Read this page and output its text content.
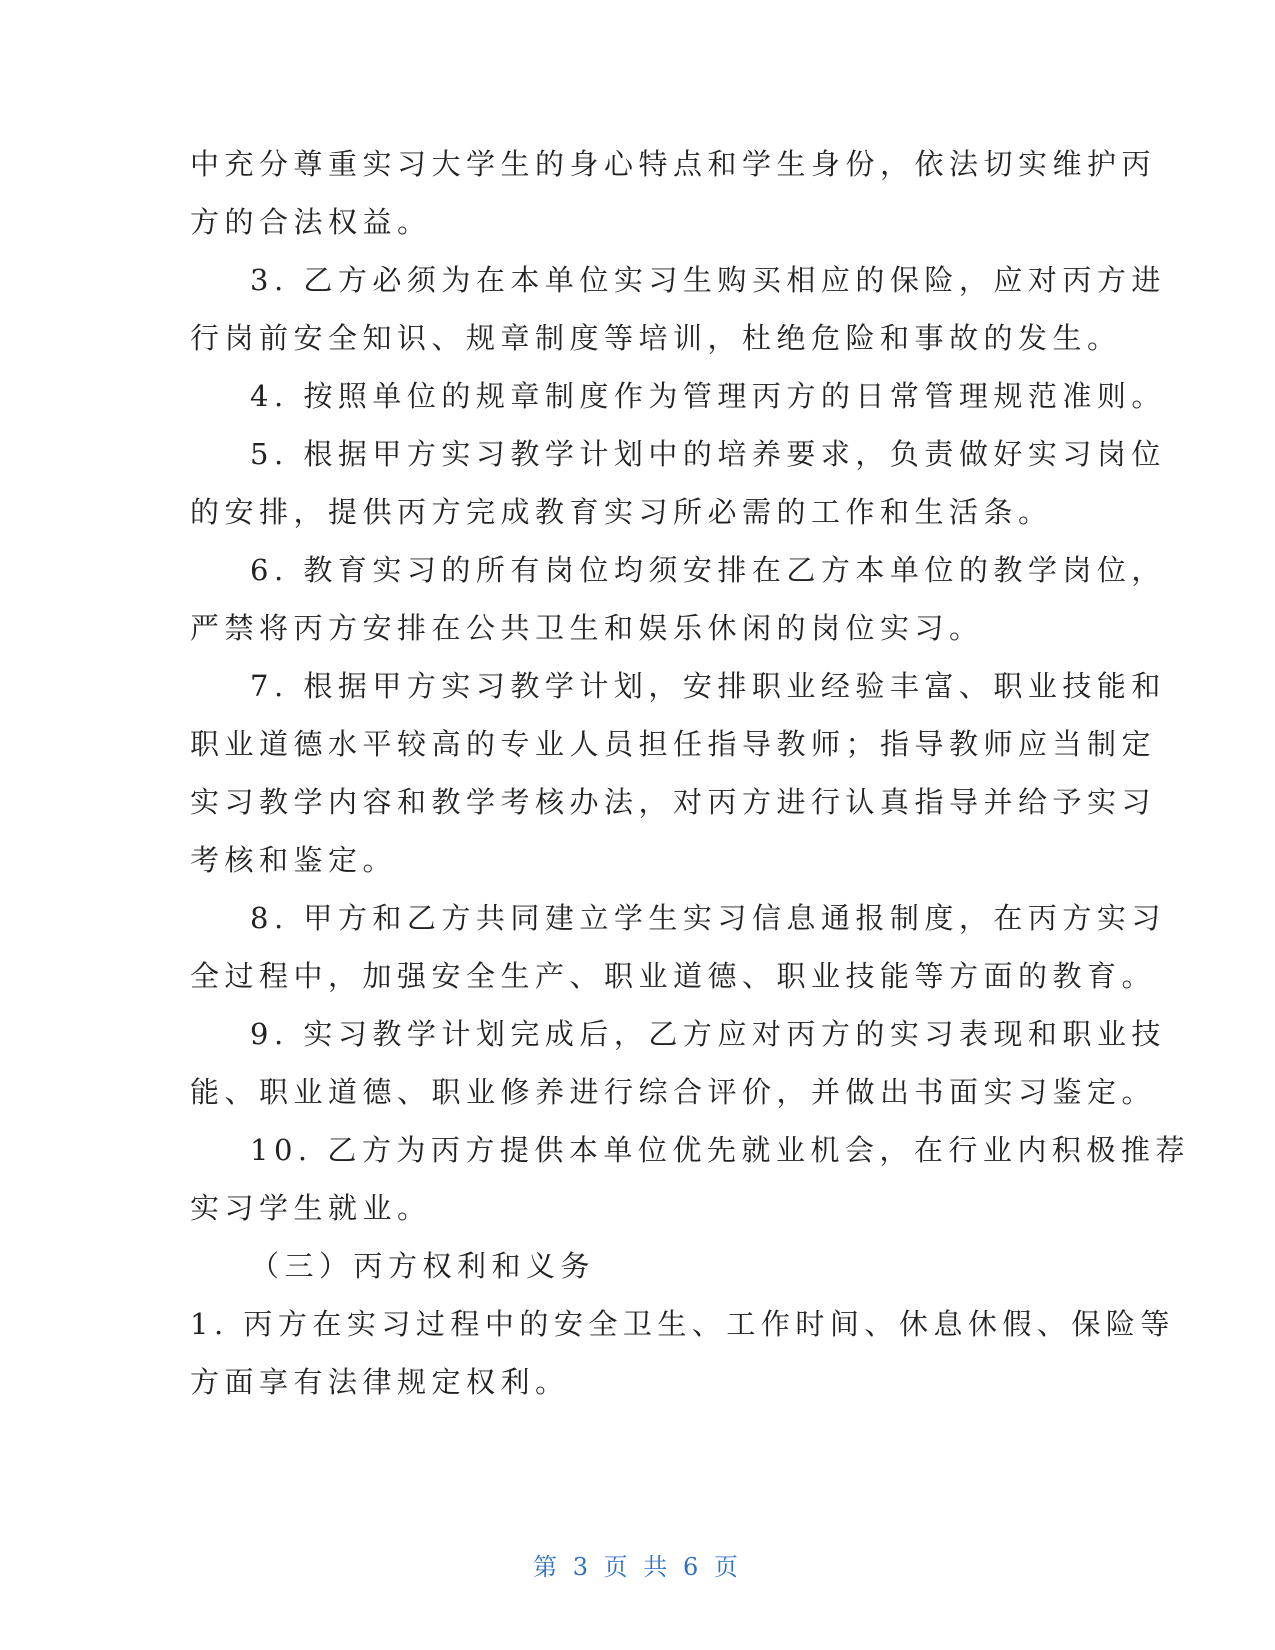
中充分尊重实习大学生的身心特点和学生身份，依法切实维护丙
方的合法权益。
3. 乙方必须为在本单位实习生购买相应的保险，应对丙方进
行岗前安全知识、规章制度等培训，杜绝危险和事故的发生。
4. 按照单位的规章制度作为管理丙方的日常管理规范准则。
5. 根据甲方实习教学计划中的培养要求，负责做好实习岗位
的安排，提供丙方完成教育实习所必需的工作和生活条。
6. 教育实习的所有岗位均须安排在乙方本单位的教学岗位，
严禁将丙方安排在公共卫生和娱乐休闲的岗位实习。
7. 根据甲方实习教学计划，安排职业经验丰富、职业技能和
职业道德水平较高的专业人员担任指导教师；指导教师应当制定
实习教学内容和教学考核办法，对丙方进行认真指导并给予实习
考核和鉴定。
8. 甲方和乙方共同建立学生实习信息通报制度，在丙方实习
全过程中，加强安全生产、职业道德、职业技能等方面的教育。
9. 实习教学计划完成后，乙方应对丙方的实习表现和职业技
能、职业道德、职业修养进行综合评价，并做出书面实习鉴定。
10. 乙方为丙方提供本单位优先就业机会，在行业内积极推荐
实习学生就业。
（三）丙方权利和义务
1. 丙方在实习过程中的安全卫生、工作时间、休息休假、保险等
方面享有法律规定权利。
第 3 页 共 6 页
